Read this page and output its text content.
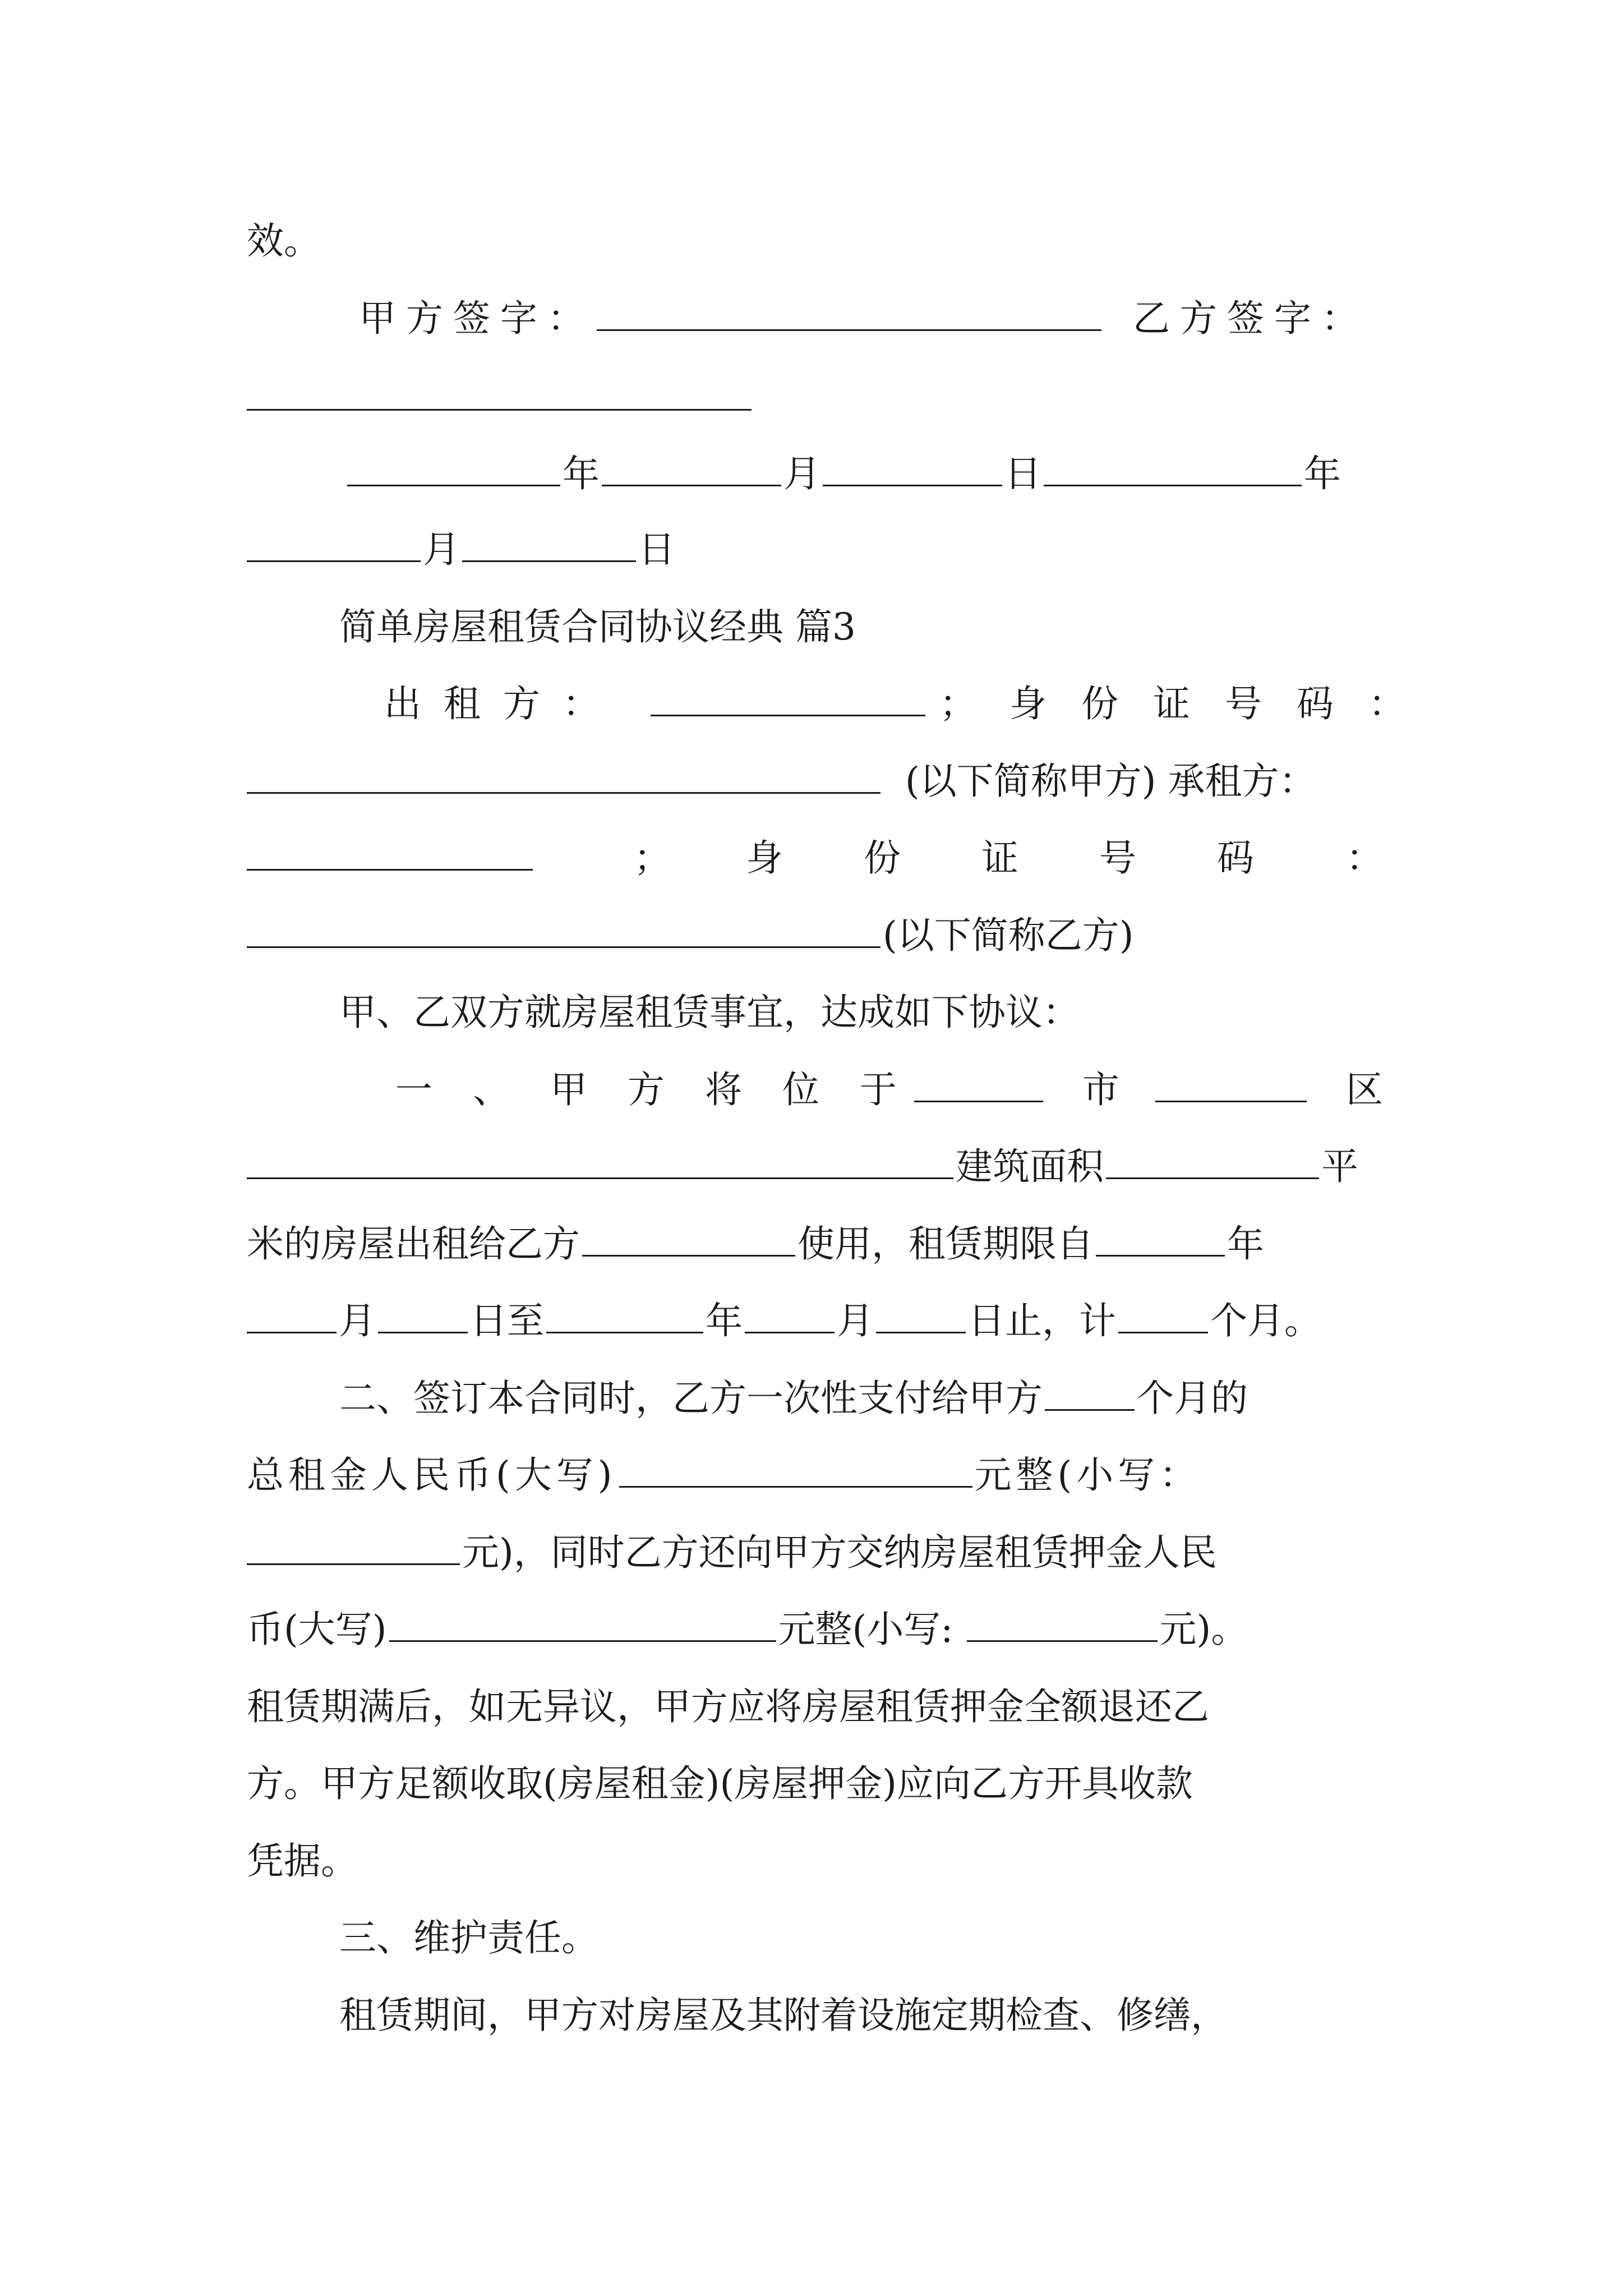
效。
甲方签字：	乙方签字：
年	月	日	年
月	日
简单房屋租赁合同协议经典 篇3
出租方：	； 身份证号码：
(以下简称甲方) 承租方：
； 身 份 证 号 码 ：
(以下简称乙方)
甲、乙双方就房屋租赁事宜，达成如下协议：
一、甲方将位于	市	区
建筑面积	平
米的房屋出租给乙方	使用，租赁期限自	年
月	日至	年	月	日止，计	个月。
二、签订本合同时，乙方一次性支付给甲方	个月的
总租金人民币(大写)	元整(小写：
元)，同时乙方还向甲方交纳房屋租赁押金人民
币(大写)	元整(小写:	元)。
租赁期满后，如无异议，甲方应将房屋租赁押金全额退还乙
方。甲方足额收取(房屋租金)(房屋押金)应向乙方开具收款
凭据。
三、维护责任。
租赁期间，甲方对房屋及其附着设施定期检查、修缮，
